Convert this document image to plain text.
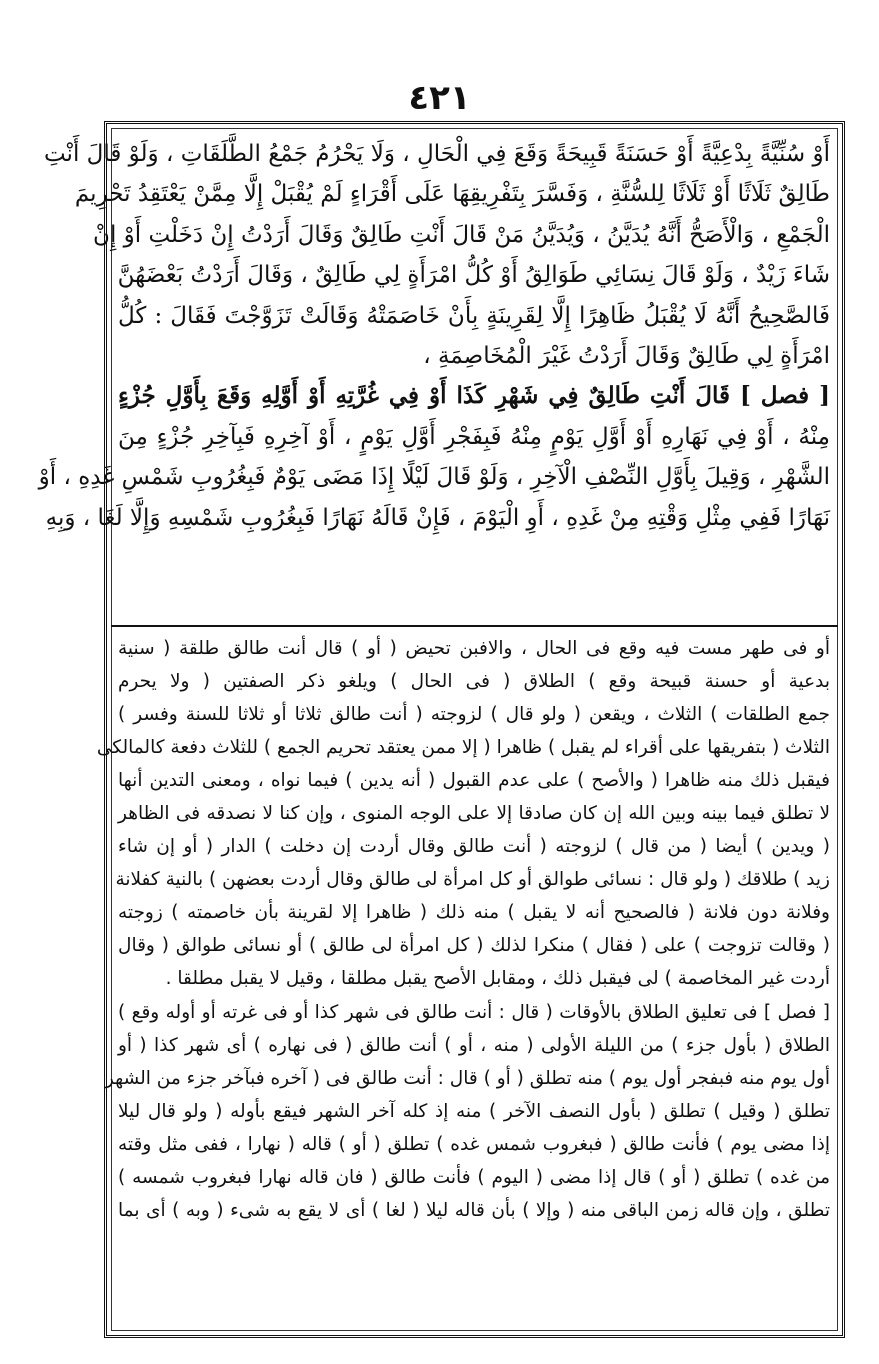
٤٢١
أَوْ سُنِّيَّةً بِدْعِيَّةً أَوْ حَسَنَةً قَبِيحَةً وَقَعَ فِي الْحَالِ ، وَلَا يَحْرُمُ جَمْعُ الطَّلَقَاتِ ، وَلَوْ قَالَ أَنْتِ
طَالِقٌ ثَلَاثًا أَوْ ثَلَاثًا لِلسُّنَّةِ ، وَفَسَّرَ بِتَفْرِيقِهَا عَلَى أَقْرَاءٍ لَمْ يُقْبَلْ إِلَّا مِمَّنْ يَعْتَقِدُ تَحْرِيمَ
الْجَمْعِ ، وَالْأَصَحُّ أَنَّهُ يُدَيَّنُ ، وَيُدَيَّنُ مَنْ قَالَ أَنْتِ طَالِقٌ وَقَالَ أَرَدْتُ إِنْ دَخَلْتِ أَوْ إِنْ
شَاءَ زَيْدٌ ، وَلَوْ قَالَ نِسَائِي طَوَالِقُ أَوْ كُلُّ امْرَأَةٍ لِي طَالِقٌ ، وَقَالَ أَرَدْتُ بَعْضَهُنَّ
فَالصَّحِيحُ أَنَّهُ لَا يُقْبَلُ ظَاهِرًا إِلَّا لِقَرِينَةٍ بِأَنْ خَاصَمَتْهُ وَقَالَتْ تَزَوَّجْتَ فَقَالَ : كُلُّ
امْرَأَةٍ لِي طَالِقٌ وَقَالَ أَرَدْتُ غَيْرَ الْمُخَاصِمَةِ ،
[ فصل ] قَالَ أَنْتِ طَالِقٌ فِي شَهْرِ كَذَا أَوْ فِي غُرَّتِهِ أَوْ أَوَّلِهِ وَقَعَ بِأَوَّلِ جُزْءٍ
مِنْهُ ، أَوْ فِي نَهَارِهِ أَوْ أَوَّلِ يَوْمٍ مِنْهُ فَبِفَجْرِ أَوَّلِ يَوْمٍ ، أَوْ آخِرِهِ فَبِآخِرِ جُزْءٍ مِنَ
الشَّهْرِ ، وَقِيلَ بِأَوَّلِ النِّصْفِ الْآخِرِ ، وَلَوْ قَالَ لَيْلًا إِذَا مَضَى يَوْمٌ فَبِغُرُوبِ شَمْسِ غَدِهِ ، أَوْ
نَهَارًا فَفِي مِثْلِ وَقْتِهِ مِنْ غَدِهِ ، أَوِ الْيَوْمَ ، فَإِنْ قَالَهُ نَهَارًا فَبِغُرُوبِ شَمْسِهِ وَإِلَّا لَغَا ، وَبِهِ
أو فى طهر مست فيه وقع فى الحال ، والافبن تحيض ( أو ) قال أنت طالق طلقة ( سنية
بدعية أو حسنة قبيحة وقع ) الطلاق ( فى الحال ) ويلغو ذكر الصفتين ( ولا يحرم
جمع الطلقات ) الثلاث ، ويقعن ( ولو قال ) لزوجته ( أنت طالق ثلاثا أو ثلاثا للسنة وفسر )
الثلاث ( بتفريقها على أقراء لم يقبل ) ظاهرا ( إلا ممن يعتقد تحريم الجمع ) للثلاث دفعة كالمالكى
فيقبل ذلك منه ظاهرا ( والأصح ) على عدم القبول ( أنه يدين ) فيما نواه ، ومعنى التدين أنها
لا تطلق فيما بينه وبين الله إن كان صادقا إلا على الوجه المنوى ، وإن كنا لا نصدقه فى الظاهر
( ويدين ) أيضا ( من قال ) لزوجته ( أنت طالق وقال أردت إن دخلت ) الدار ( أو إن شاء
زيد ) طلاقك ( ولو قال : نسائى طوالق أو كل امرأة لى طالق وقال أردت بعضهن ) بالنية كفلانة
وفلانة دون فلانة ( فالصحيح أنه لا يقبل ) منه ذلك ( ظاهرا إلا لقرينة بأن خاصمته ) زوجته
( وقالت تزوجت ) على ( فقال ) منكرا لذلك ( كل امرأة لى طالق ) أو نسائى طوالق ( وقال
أردت غير المخاصمة ) لى فيقبل ذلك ، ومقابل الأصح يقبل مطلقا ، وقيل لا يقبل مطلقا .
[ فصل ] فى تعليق الطلاق بالأوقات ( قال : أنت طالق فى شهر كذا أو فى غرته أو أوله وقع )
الطلاق ( بأول جزء ) من الليلة الأولى ( منه ، أو ) أنت طالق ( فى نهاره ) أى شهر كذا ( أو
أول يوم منه فبفجر أول يوم ) منه تطلق ( أو ) قال : أنت طالق فى ( آخره فبآخر جزء من الشهر
تطلق ( وقيل ) تطلق ( بأول النصف الآخر ) منه إذ كله آخر الشهر فيقع بأوله ( ولو قال ليلا
إذا مضى يوم ) فأنت طالق ( فبغروب شمس غده ) تطلق ( أو ) قاله ( نهارا ، ففى مثل وقته
من غده ) تطلق ( أو ) قال إذا مضى ( اليوم ) فأنت طالق ( فان قاله نهارا فبغروب شمسه )
تطلق ، وإن قاله زمن الباقى منه ( وإلا ) بأن قاله ليلا ( لغا ) أى لا يقع به شىء ( وبه ) أى بما
